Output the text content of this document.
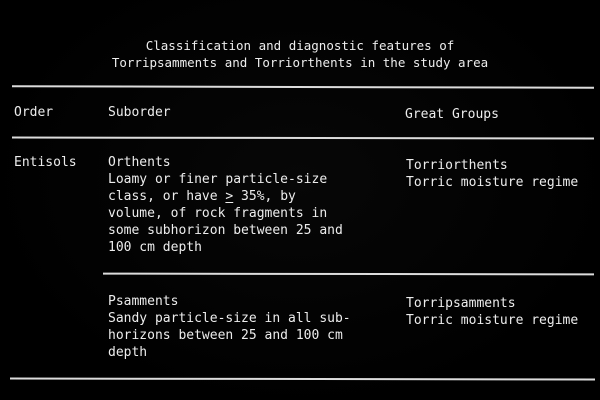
Classification and diagnostic features of
Torripsamments and Torriorthents in the study area
Order	Suborder	Great Groups
Entisols Orthents
Loamy or finer particle-size
class, or have ≥ 35%, by
volume, of rock fragments in
some subhorizon between 25 and
100 cm depth
Torriorthents
Torric moisture regime
Psamments
Sandy particle-size in all sub-
horizons between 25 and 100 cm
depth
Torripsamments
Torric moisture regime
